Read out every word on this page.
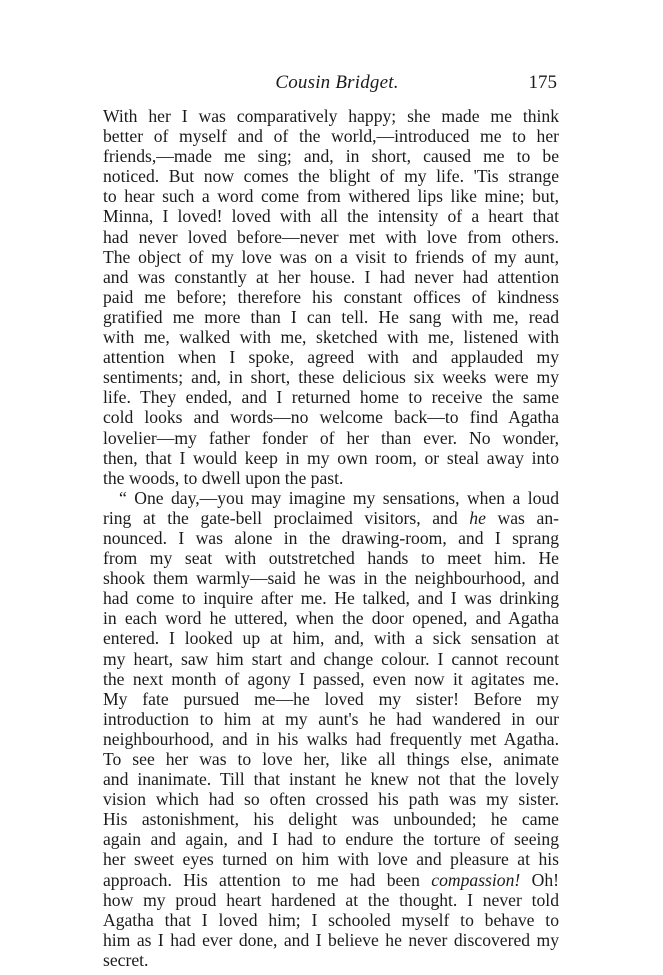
Cousin Bridget.	175
With her I was comparatively happy; she made me think
better of myself and of the world,—introduced me to her
friends,—made me sing; and, in short, caused me to be
noticed. But now comes the blight of my life. 'Tis strange
to hear such a word come from withered lips like mine; but,
Minna, I loved! loved with all the intensity of a heart that
had never loved before—never met with love from others.
The object of my love was on a visit to friends of my aunt,
and was constantly at her house. I had never had attention
paid me before; therefore his constant offices of kindness
gratified me more than I can tell. He sang with me, read
with me, walked with me, sketched with me, listened with
attention when I spoke, agreed with and applauded my
sentiments; and, in short, these delicious six weeks were my
life. They ended, and I returned home to receive the same
cold looks and words—no welcome back—to find Agatha
lovelier—my father fonder of her than ever. No wonder,
then, that I would keep in my own room, or steal away into
the woods, to dwell upon the past.
“ One day,—you may imagine my sensations, when a loud
ring at the gate-bell proclaimed visitors, and he was an-
nounced. I was alone in the drawing-room, and I sprang
from my seat with outstretched hands to meet him. He
shook them warmly—said he was in the neighbourhood, and
had come to inquire after me. He talked, and I was drinking
in each word he uttered, when the door opened, and Agatha
entered. I looked up at him, and, with a sick sensation at
my heart, saw him start and change colour. I cannot recount
the next month of agony I passed, even now it agitates me.
My fate pursued me—he loved my sister! Before my
introduction to him at my aunt's he had wandered in our
neighbourhood, and in his walks had frequently met Agatha.
To see her was to love her, like all things else, animate
and inanimate. Till that instant he knew not that the lovely
vision which had so often crossed his path was my sister.
His astonishment, his delight was unbounded; he came
again and again, and I had to endure the torture of seeing
her sweet eyes turned on him with love and pleasure at his
approach. His attention to me had been compassion! Oh!
how my proud heart hardened at the thought. I never told
Agatha that I loved him; I schooled myself to behave to
him as I had ever done, and I believe he never discovered my
secret.
